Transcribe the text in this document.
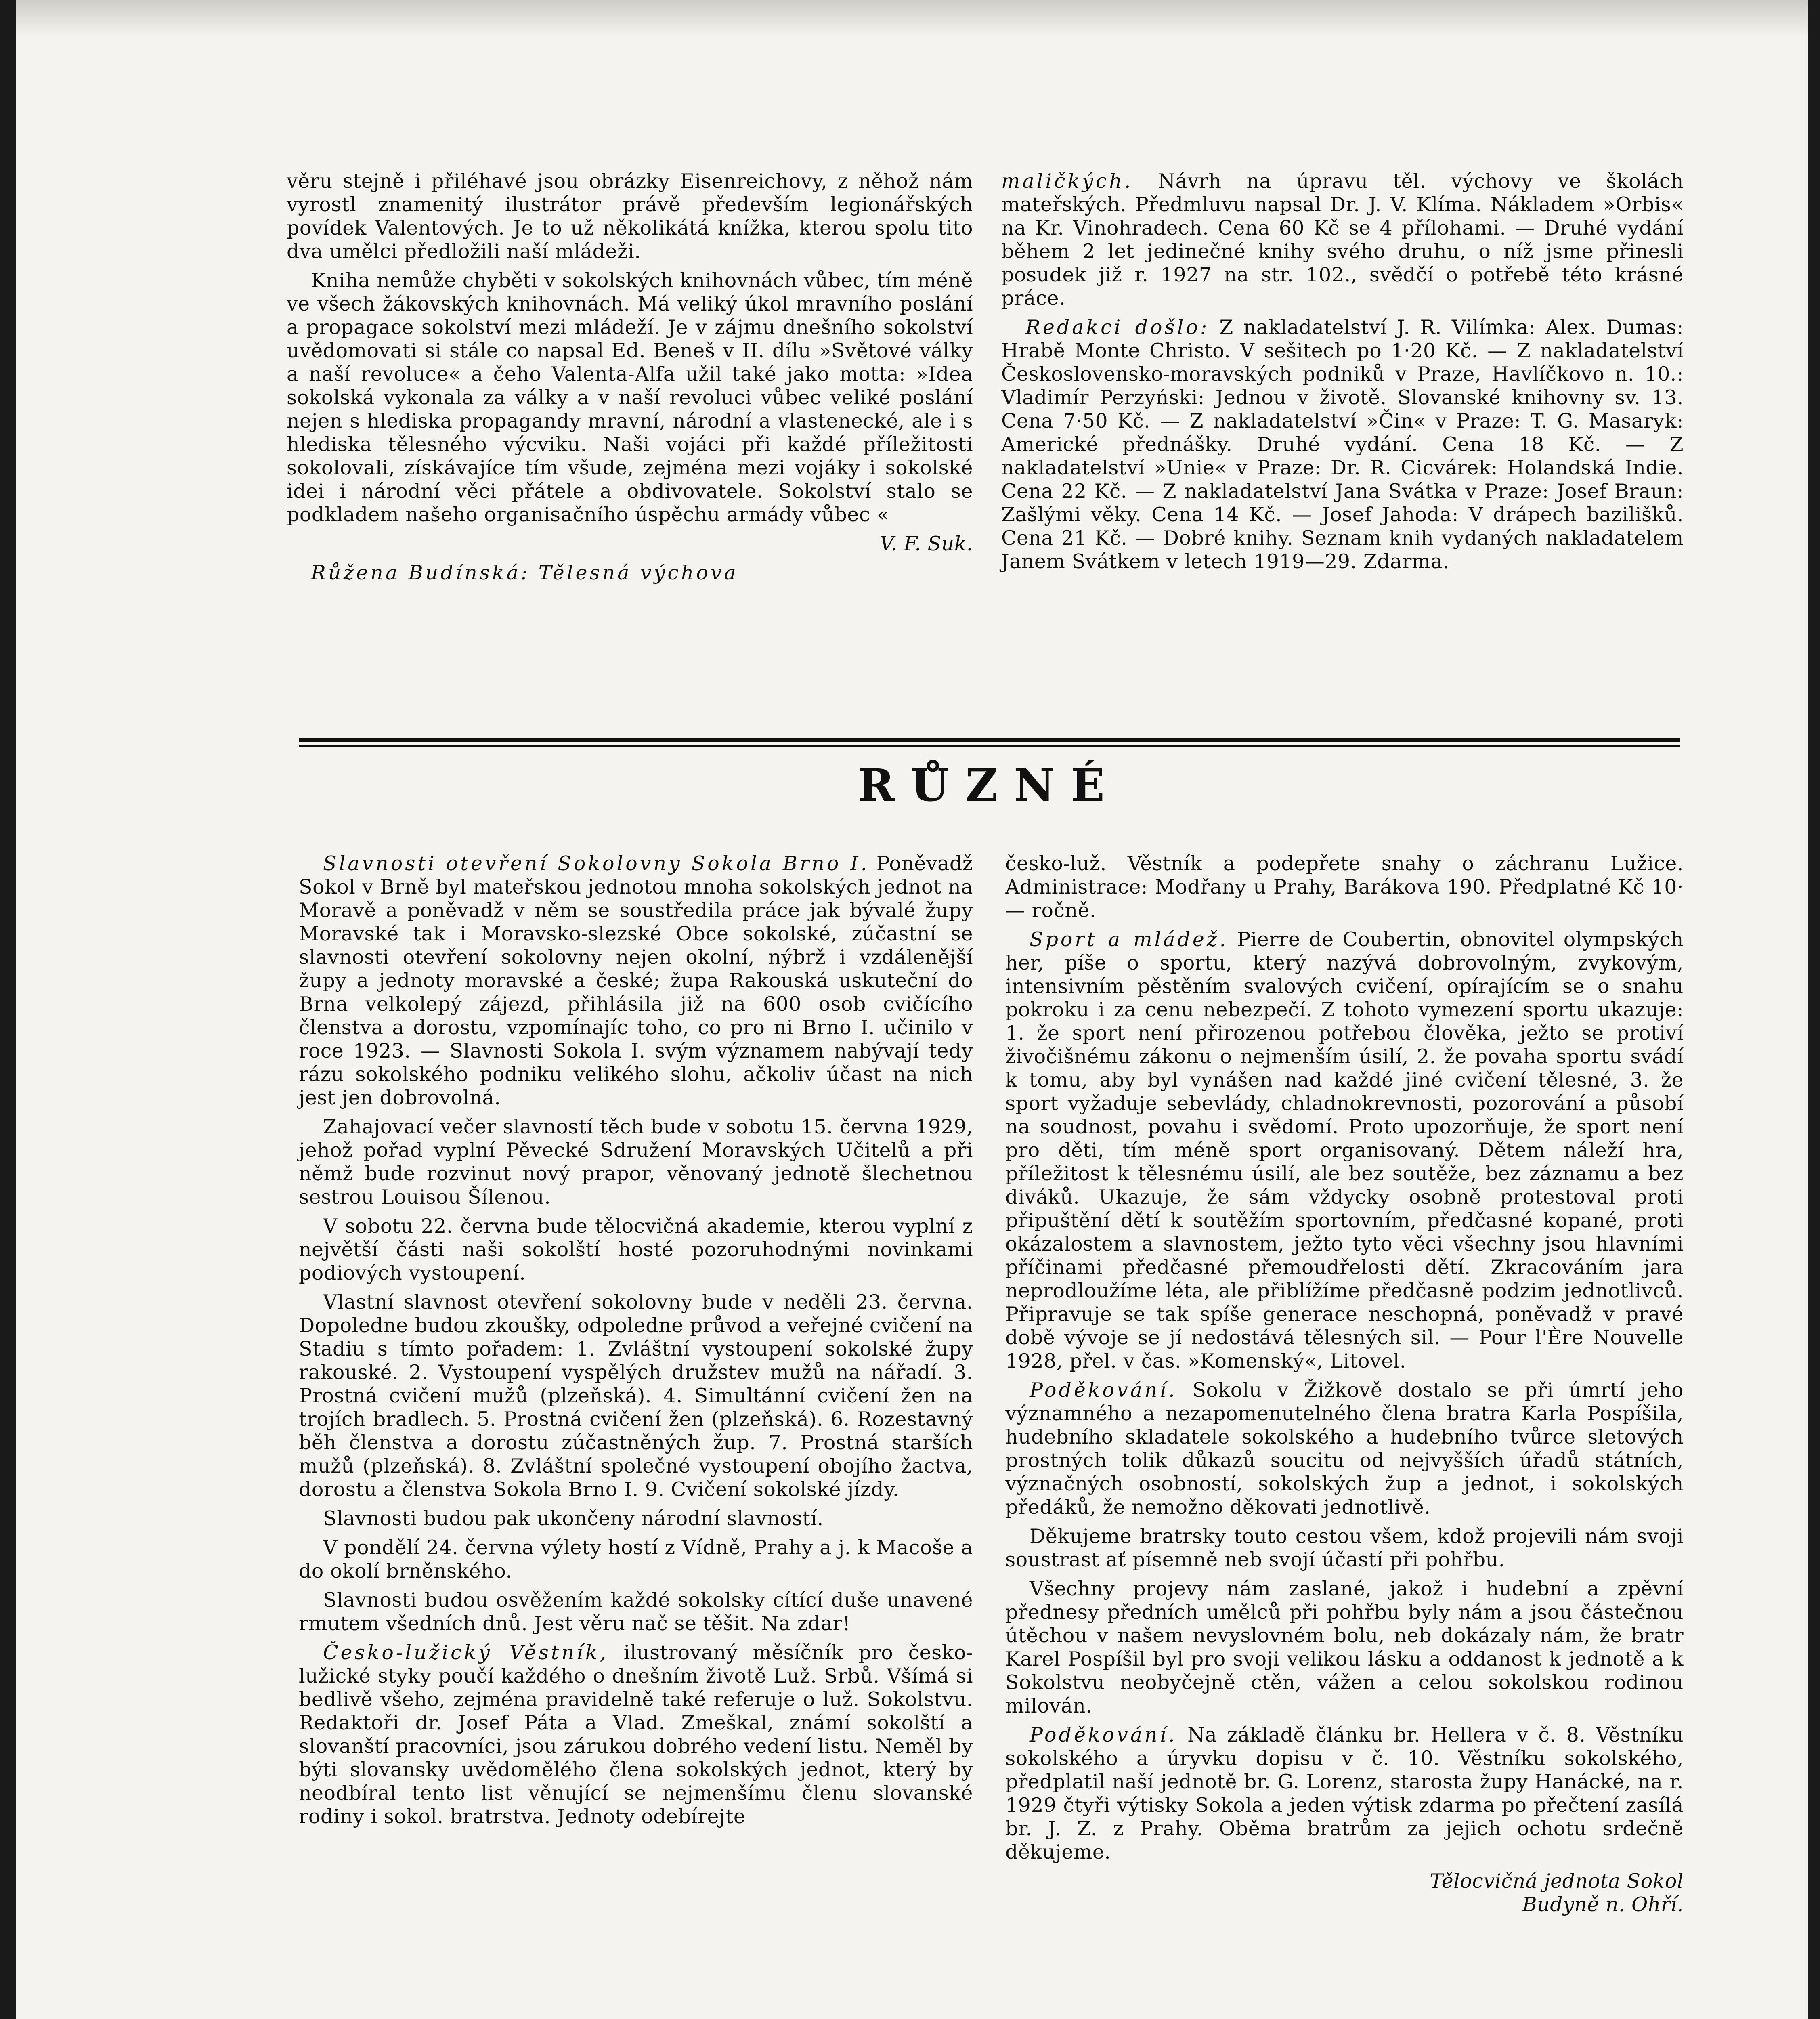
věru stejně i přiléhavé jsou obrázky Eisenreichovy, z něhož nám vyrostl znamenitý ilustrátor právě především legionářských povídek Valentových. Je to už několikátá knížka, kterou spolu tito dva umělci předložili naší mládeži.

Kniha nemůže chyběti v sokolských knihovnách vůbec, tím méně ve všech žákovských knihovnách. Má veliký úkol mravního poslání a propagace sokolství mezi mládeží. Je v zájmu dnešního sokolství uvědomovati si stále co napsal Ed. Beneš v II. dílu »Světové války a naší revoluce« a čeho Valenta-Alfa užil také jako motta: »Idea sokolská vykonala za války a v naší revoluci vůbec veliké poslání nejen s hlediska propagandy mravní, národní a vlastenecké, ale i s hlediska tělesného výcviku. Naši vojáci při každé příležitosti sokolovali, získávajíce tím všude, zejména mezi vojáky i sokolské idei i národní věci přátele a obdivovatele. Sokolství stalo se podkladem našeho organisačního úspěchu armády vůbec «

V. F. Suk.

Růžena Budínská: Tělesná výchova

maličkých. Návrh na úpravu těl. výchovy ve školách mateřských. Předmluvu napsal Dr. J. V. Klíma. Nákladem »Orbis« na Kr. Vinohradech. Cena 60 Kč se 4 přílohami. — Druhé vydání během 2 let jedinečné knihy svého druhu, o níž jsme přinesli posudek již r. 1927 na str. 102., svědčí o potřebě této krásné práce.

Redakci došlo: Z nakladatelství J. R. Vilímka: Alex. Dumas: Hrabě Monte Christo. V sešitech po 1·20 Kč. — Z nakladatelství Československo-moravských podniků v Praze, Havlíčkovo n. 10.: Vladimír Perzyński: Jednou v životě. Slovanské knihovny sv. 13. Cena 7·50 Kč. — Z nakladatelství »Čin« v Praze: T. G. Masaryk: Americké přednášky. Druhé vydání. Cena 18 Kč. — Z nakladatelství »Unie« v Praze: Dr. R. Cicvárek: Holandská Indie. Cena 22 Kč. — Z nakladatelství Jana Svátka v Praze: Josef Braun: Zašlými věky. Cena 14 Kč. — Josef Jahoda: V drápech bazilišků. Cena 21 Kč. — Dobré knihy. Seznam knih vydaných nakladatelem Janem Svátkem v letech 1919—29. Zdarma.

RŮZNÉ

Slavnosti otevření Sokolovny Sokola Brno I. Poněvadž Sokol v Brně byl mateřskou jednotou mnoha sokolských jednot na Moravě a poněvadž v něm se soustředila práce jak bývalé župy Moravské tak i Moravsko-slezské Obce sokolské, zúčastní se slavnosti otevření sokolovny nejen okolní, nýbrž i vzdálenější župy a jednoty moravské a české; župa Rakouská uskuteční do Brna velkolepý zájezd, přihlásila již na 600 osob cvičícího členstva a dorostu, vzpomínajíc toho, co pro ni Brno I. učinilo v roce 1923. — Slavnosti Sokola I. svým významem nabývají tedy rázu sokolského podniku velikého slohu, ačkoliv účast na nich jest jen dobrovolná.

Zahajovací večer slavností těch bude v sobotu 15. června 1929, jehož pořad vyplní Pěvecké Sdružení Moravských Učitelů a při němž bude rozvinut nový prapor, věnovaný jednotě šlechetnou sestrou Louisou Šílenou.

V sobotu 22. června bude tělocvičná akademie, kterou vyplní z největší části naši sokolští hosté pozoruhodnými novinkami podiových vystoupení.

Vlastní slavnost otevření sokolovny bude v neděli 23. června. Dopoledne budou zkoušky, odpoledne průvod a veřejné cvičení na Stadiu s tímto pořadem: 1. Zvláštní vystoupení sokolské župy rakouské. 2. Vystoupení vyspělých družstev mužů na nářadí. 3. Prostná cvičení mužů (plzeňská). 4. Simultánní cvičení žen na trojích bradlech. 5. Prostná cvičení žen (plzeňská). 6. Rozestavný běh členstva a dorostu zúčastněných žup. 7. Prostná starších mužů (plzeňská). 8. Zvláštní společné vystoupení obojího žactva, dorostu a členstva Sokola Brno I. 9. Cvičení sokolské jízdy.

Slavnosti budou pak ukončeny národní slavností.

V pondělí 24. června výlety hostí z Vídně, Prahy a j. k Macoše a do okolí brněnského.

Slavnosti budou osvěžením každé sokolsky cítící duše unavené rmutem všedních dnů. Jest věru nač se těšit. Na zdar!

Česko-lužický Věstník, ilustrovaný měsíčník pro česko-lužické styky poučí každého o dnešním životě Luž. Srbů. Všímá si bedlivě všeho, zejména pravidelně také referuje o luž. Sokolstvu. Redaktoři dr. Josef Páta a Vlad. Zmeškal, známí sokolští a slovanští pracovníci, jsou zárukou dobrého vedení listu. Neměl by býti slovansky uvědomělého člena sokolských jednot, který by neodbíral tento list věnující se nejmenšímu členu slovanské rodiny i sokol. bratrstva. Jednoty odebírejte

česko-luž. Věstník a podepřete snahy o záchranu Lužice. Administrace: Modřany u Prahy, Barákova 190. Předplatné Kč 10·— ročně.

Sport a mládež. Pierre de Coubertin, obnovitel olympských her, píše o sportu, který nazývá dobrovolným, zvykovým, intensivním pěstěním svalových cvičení, opírajícím se o snahu pokroku i za cenu nebezpečí. Z tohoto vymezení sportu ukazuje: 1. že sport není přirozenou potřebou člověka, ježto se protiví živočišnému zákonu o nejmenším úsilí, 2. že povaha sportu svádí k tomu, aby byl vynášen nad každé jiné cvičení tělesné, 3. že sport vyžaduje sebevlády, chladnokrevnosti, pozorování a působí na soudnost, povahu i svědomí. Proto upozorňuje, že sport není pro děti, tím méně sport organisovaný. Dětem náleží hra, příležitost k tělesnému úsilí, ale bez soutěže, bez záznamu a bez diváků. Ukazuje, že sám vždycky osobně protestoval proti připuštění dětí k soutěžím sportovním, předčasné kopané, proti okázalostem a slavnostem, ježto tyto věci všechny jsou hlavními příčinami předčasné přemoudřelosti dětí. Zkracováním jara neprodloužíme léta, ale přiblížíme předčasně podzim jednotlivců. Připravuje se tak spíše generace neschopná, poněvadž v pravé době vývoje se jí nedostává tělesných sil. — Pour l'Ère Nouvelle 1928, přel. v čas. »Komenský«, Litovel.

Poděkování. Sokolu v Žižkově dostalo se při úmrtí jeho významného a nezapomenutelného člena bratra Karla Pospíšila, hudebního skladatele sokolského a hudebního tvůrce sletových prostných tolik důkazů soucitu od nejvyšších úřadů státních, význačných osobností, sokolských žup a jednot, i sokolských předáků, že nemožno děkovati jednotlivě.

Děkujeme bratrsky touto cestou všem, kdož projevili nám svoji soustrast ať písemně neb svojí účastí při pohřbu.

Všechny projevy nám zaslané, jakož i hudební a zpěvní přednesy předních umělců při pohřbu byly nám a jsou částečnou útěchou v našem nevyslovném bolu, neb dokázaly nám, že bratr Karel Pospíšil byl pro svoji velikou lásku a oddanost k jednotě a k Sokolstvu neobyčejně ctěn, vážen a celou sokolskou rodinou milován.

Poděkování. Na základě článku br. Hellera v č. 8. Věstníku sokolského a úryvku dopisu v č. 10. Věstníku sokolského, předplatil naší jednotě br. G. Lorenz, starosta župy Hanácké, na r. 1929 čtyři výtisky Sokola a jeden výtisk zdarma po přečtení zasílá br. J. Z. z Prahy. Oběma bratrům za jejich ochotu srdečně děkujeme.

Tělocvičná jednota Sokol

Budyně n. Ohří.
